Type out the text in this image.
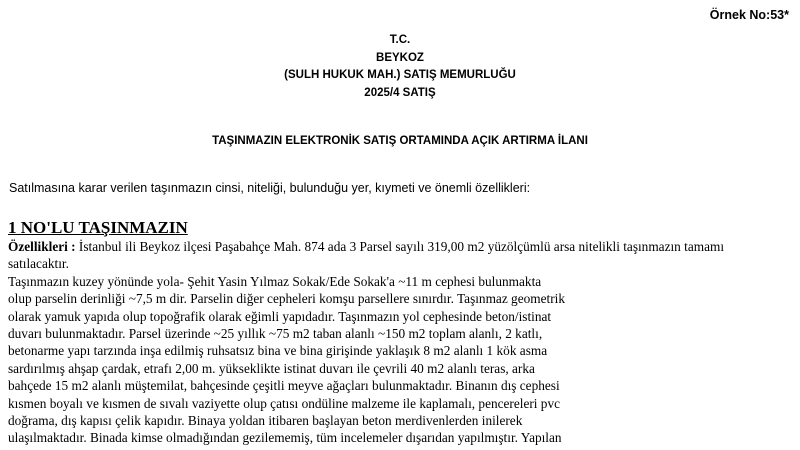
Örnek No:53*
T.C.
BEYKOZ
(SULH HUKUK MAH.) SATIŞ MEMURLUĞU
2025/4 SATIŞ
TAŞINMAZIN ELEKTRONİK SATIŞ ORTAMINDA AÇIK ARTIRMA İLANI
Satılmasına karar verilen taşınmazın cinsi, niteliği, bulunduğu yer, kıymeti ve önemli özellikleri:
1 NO'LU TAŞINMAZIN
Özellikleri : İstanbul ili Beykoz ilçesi Paşabahçe Mah. 874 ada 3 Parsel sayılı 319,00 m2 yüzölçümlü arsa nitelikli taşınmazın tamamı
satılacaktır.
Taşınmazın kuzey yönünde yola- Şehit Yasin Yılmaz Sokak/Ede Sokak'a ~11 m cephesi bulunmakta
olup parselin derinliği ~7,5 m dir. Parselin diğer cepheleri komşu parsellere sınırdır. Taşınmaz geometrik
olarak yamuk yapıda olup topoğrafik olarak eğimli yapıdadır. Taşınmazın yol cephesinde beton/istinat
duvarı bulunmaktadır. Parsel üzerinde ~25 yıllık ~75 m2 taban alanlı ~150 m2 toplam alanlı, 2 katlı,
betonarme yapı tarzında inşa edilmiş ruhsatsız bina ve bina girişinde yaklaşık 8 m2 alanlı 1 kök asma
sardırılmış ahşap çardak, etrafı 2,00 m. yükseklikte istinat duvarı ile çevrili 40 m2 alanlı teras, arka
bahçede 15 m2 alanlı müştemilat, bahçesinde çeşitli meyve ağaçları bulunmaktadır. Binanın dış cephesi
kısmen boyalı ve kısmen de sıvalı vaziyette olup çatısı ondüline malzeme ile kaplamalı, pencereleri pvc
doğrama, dış kapısı çelik kapıdır. Binaya yoldan itibaren başlayan beton merdivenlerden inilerek
ulaşılmaktadır. Binada kimse olmadığından gezilememiş, tüm incelemeler dışarıdan yapılmıştır. Yapılan
